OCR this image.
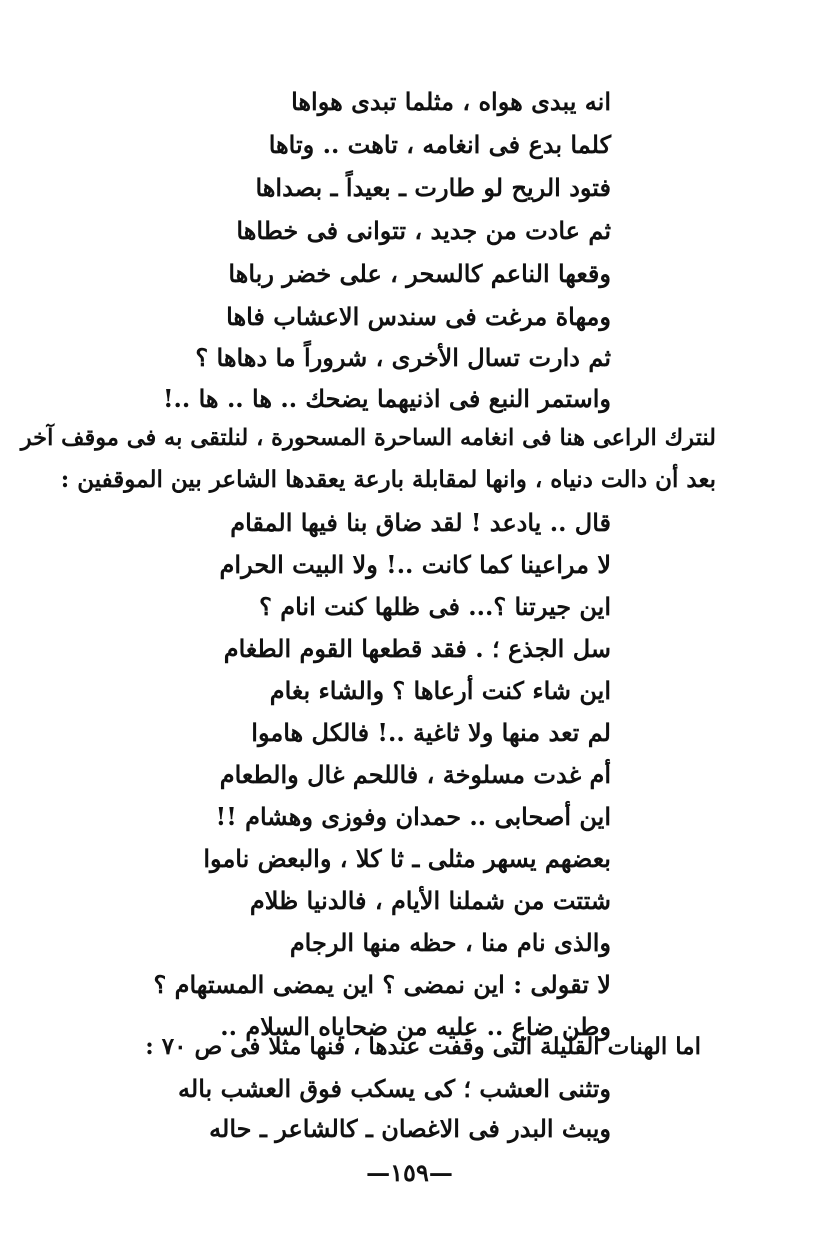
انه يبدى هواه ، مثلما تبدى هواها
كلما بدع فى انغامه ، تاهت .. وتاها
فتود الريح لو طارت ـ بعيداً ـ بصداها
ثم عادت من جديد ، تتوانى فى خطاها
وقعها الناعم كالسحر ، على خضر رباها
ومهاة مرغت فى سندس الاعشاب فاها
ثم دارت تسال الأخرى ، شروراً ما دهاها ؟
واستمر النبع فى اذنيهما يضحك .. ها .. ها ..!
لنترك الراعى هنا فى انغامه الساحرة المسحورة ، لنلتقى به فى موقف آخر
بعد أن دالت دنياه ، وانها لمقابلة بارعة يعقدها الشاعر بين الموقفين :
قال .. يادعد ! لقد ضاق بنا فيها المقام
لا مراعينا كما كانت ..! ولا البيت الحرام
اين جيرتنا ؟... فى ظلها كنت انام ؟
سل الجذع ؛ . فقد قطعها القوم الطغام
اين شاء كنت أرعاها ؟ والشاء بغام
لم تعد منها ولا ثاغية ..! فالكل هاموا
أم غدت مسلوخة ، فاللحم غال والطعام
اين أصحابى .. حمدان وفوزى وهشام !!
بعضهم يسهر مثلى ـ ثا كلا ، والبعض ناموا
شتتت من شملنا الأيام ، فالدنيا ظلام
والذى نام منا ، حظه منها الرجام
لا تقولى : اين نمضى ؟ اين يمضى المستهام ؟
وطن ضاع .. عليه من ضحاياه السلام ..
اما الهنات القليلة التى وقفت عندها ، فنها مثلا فى ص ٧٠ :
وتثنى العشب ؛ كى يسكب فوق العشب باله
ويبث البدر فى الاغصان ـ كالشاعر ـ حاله
—١٥٩—
